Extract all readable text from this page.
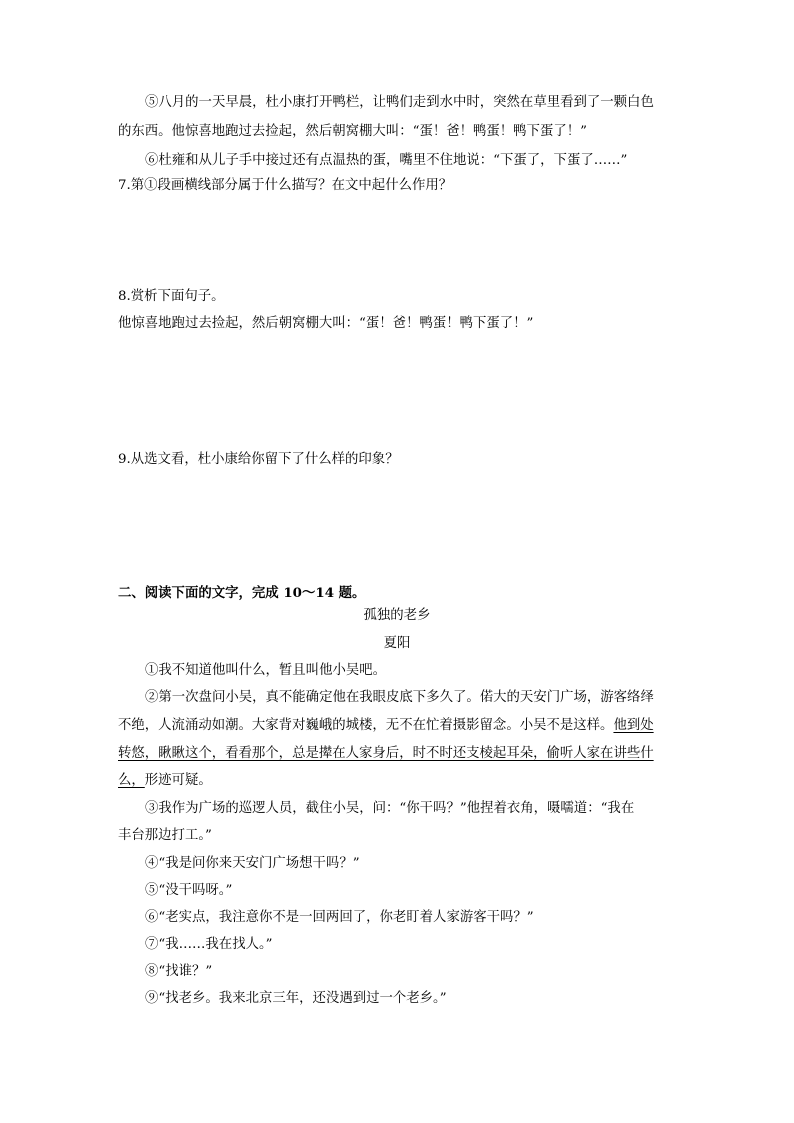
⑤八月的一天早晨，杜小康打开鸭栏，让鸭们走到水中时，突然在草里看到了一颗白色
的东西。他惊喜地跑过去捡起，然后朝窝棚大叫：“蛋！爸！鸭蛋！鸭下蛋了！”
⑥杜雍和从儿子手中接过还有点温热的蛋，嘴里不住地说：“下蛋了，下蛋了……”
7.第①段画横线部分属于什么描写？在文中起什么作用？
8.赏析下面句子。
他惊喜地跑过去捡起，然后朝窝棚大叫：“蛋！爸！鸭蛋！鸭下蛋了！”
9.从选文看，杜小康给你留下了什么样的印象？
二、阅读下面的文字，完成 10～14 题。
孤独的老乡
夏阳
①我不知道他叫什么，暂且叫他小吴吧。
②第一次盘问小吴，真不能确定他在我眼皮底下多久了。偌大的天安门广场，游客络绎
不绝，人流涌动如潮。大家背对巍峨的城楼，无不在忙着摄影留念。小吴不是这样。他到处
转悠，瞅瞅这个，看看那个，总是撵在人家身后，时不时还支棱起耳朵，偷听人家在讲些什
么，形迹可疑。
③我作为广场的巡逻人员，截住小吴，问：“你干吗？”他捏着衣角，嗫嚅道：“我在
丰台那边打工。”
④“我是问你来天安门广场想干吗？”
⑤“没干吗呀。”
⑥“老实点，我注意你不是一回两回了，你老盯着人家游客干吗？”
⑦“我……我在找人。”
⑧“找谁？”
⑨“找老乡。我来北京三年，还没遇到过一个老乡。”
